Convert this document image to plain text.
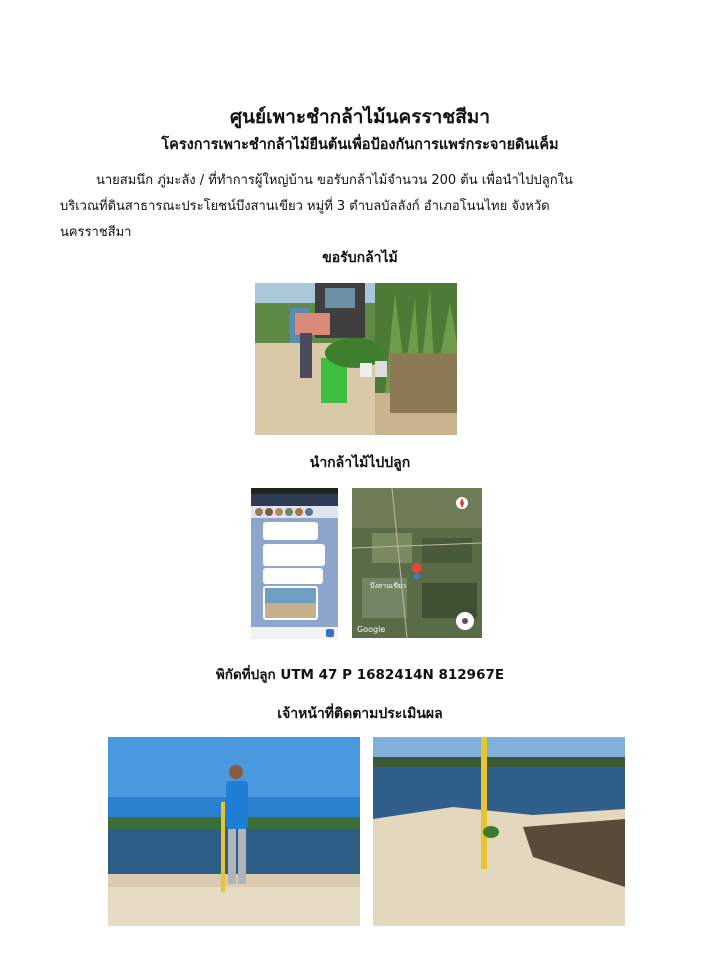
ศูนย์เพาะชำกล้าไม้นครราชสีมา
โครงการเพาะชำกล้าไม้ยืนต้นเพื่อป้องกันการแพร่กระจายดินเค็ม
นายสมนึก ภู่มะลัง / ที่ทำการผู้ใหญ่บ้าน ขอรับกล้าไม้จำนวน 200 ต้น เพื่อนำไปปลูกใน
บริเวณที่ดินสาธารณะประโยชน์บึงสานเขียว หมู่ที่ 3 ตำบลบัลลังก์ อำเภอโนนไทย จังหวัด
นครราชสีมา
ขอรับกล้าไม้
นำกล้าไม้ไปปลูก
บึงสานเขียว
Google
พิกัดที่ปลูก UTM 47 P 1682414N 812967E
เจ้าหน้าที่ติดตามประเมินผล
